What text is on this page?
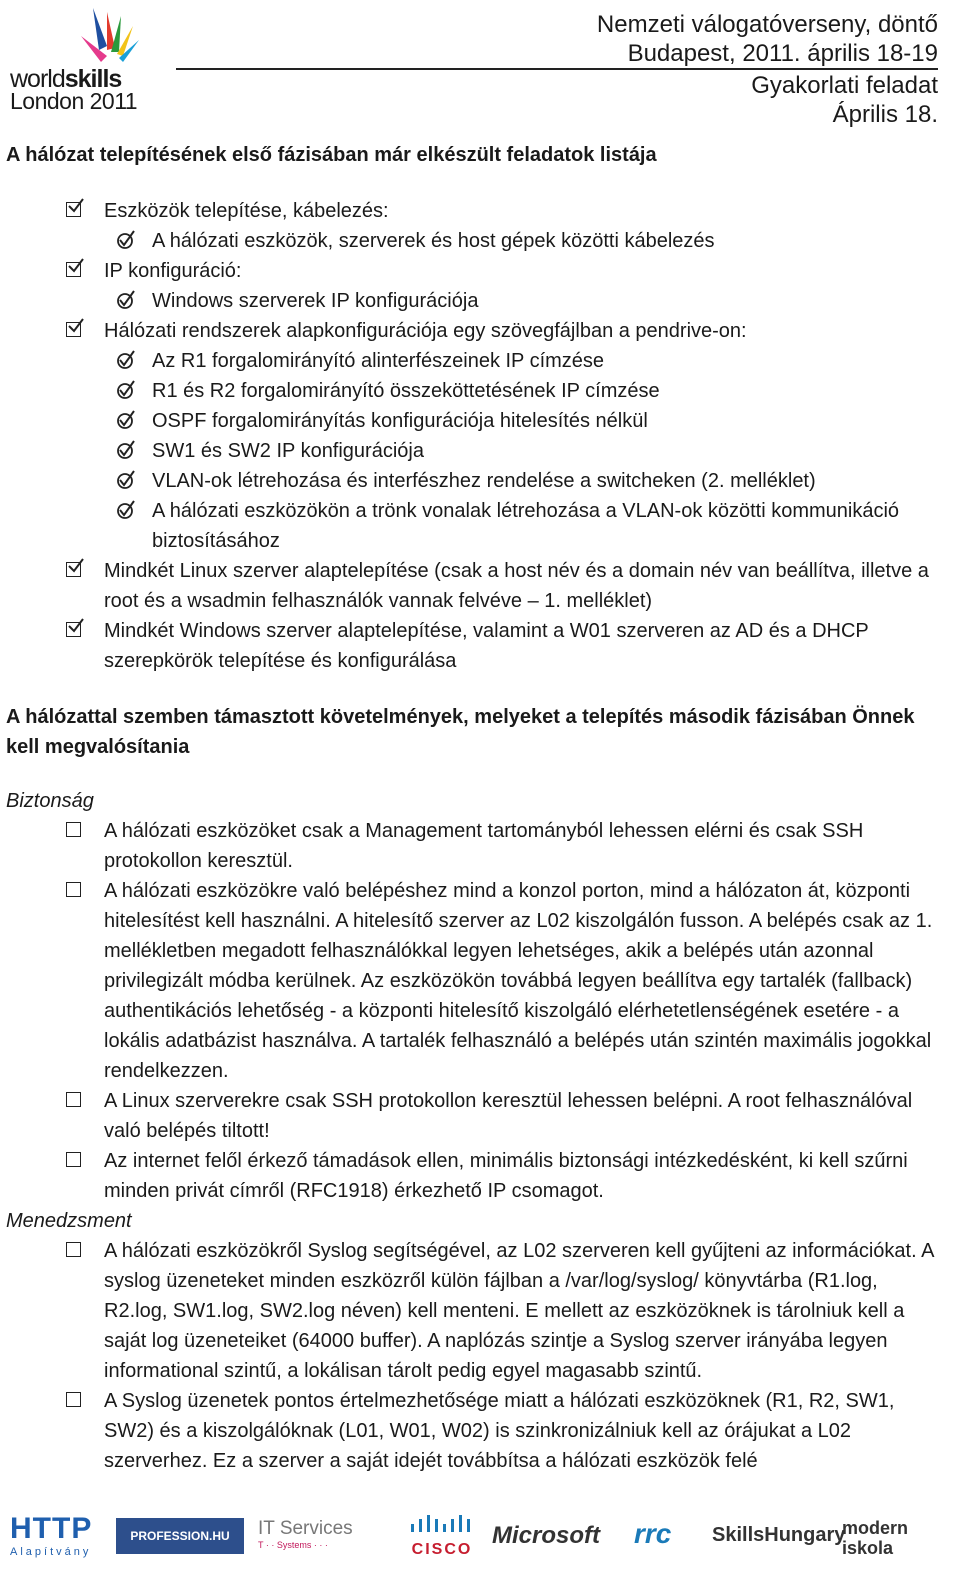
worldskills
London 2011
Nemzeti válogatóverseny, döntő
Budapest, 2011. április 18-19
Gyakorlati feladat
Április 18.
A hálózat telepítésének első fázisában már elkészült feladatok listája
Eszközök telepítése, kábelezés:
A hálózati eszközök, szerverek és host gépek közötti kábelezés
IP konfiguráció:
Windows szerverek IP konfigurációja
Hálózati rendszerek alapkonfigurációja egy szövegfájlban a pendrive-on:
Az R1 forgalomirányító alinterfészeinek IP címzése
R1 és R2 forgalomirányító összeköttetésének IP címzése
OSPF forgalomirányítás konfigurációja hitelesítés nélkül
SW1 és SW2 IP konfigurációja
VLAN-ok létrehozása és interfészhez rendelése a switcheken (2. melléklet)
A hálózati eszközökön a trönk vonalak létrehozása a VLAN-ok közötti kommunikáció biztosításához
Mindkét Linux szerver alaptelepítése (csak a host név és a domain név van beállítva, illetve a root és a wsadmin felhasználók vannak felvéve – 1. melléklet)
Mindkét Windows szerver alaptelepítése, valamint a W01 szerveren az AD és a DHCP szerepkörök telepítése és konfigurálása
A hálózattal szemben támasztott követelmények, melyeket a telepítés második fázisában Önnek kell megvalósítania
Biztonság
A hálózati eszközöket csak a Management tartományból lehessen elérni és csak SSH protokollon keresztül.
A hálózati eszközökre való belépéshez mind a konzol porton, mind a hálózaton át, központi hitelesítést kell használni. A hitelesítő szerver az L02 kiszolgálón fusson. A belépés csak az 1. mellékletben megadott felhasználókkal legyen lehetséges, akik a belépés után azonnal privilegizált módba kerülnek. Az eszközökön továbbá legyen beállítva egy tartalék (fallback) authentikációs lehetőség - a központi hitelesítő kiszolgáló elérhetetlenségének esetére - a lokális adatbázist használva. A tartalék felhasználó a belépés után szintén maximális jogokkal rendelkezzen.
A Linux szerverekre csak SSH protokollon keresztül lehessen belépni. A root felhasználóval való belépés tiltott!
Az internet felől érkező támadások ellen, minimális biztonsági intézkedésként, ki kell szűrni minden privát címről (RFC1918) érkezhető IP csomagot.
Menedzsment
A hálózati eszközökről Syslog segítségével, az L02 szerveren kell gyűjteni az információkat. A syslog üzeneteket minden eszközről külön fájlban a /var/log/syslog/ könyvtárba (R1.log, R2.log, SW1.log, SW2.log néven) kell menteni. E mellett az eszközöknek is tárolniuk kell a saját log üzeneteiket (64000 buffer). A naplózás szintje a Syslog szerver irányába legyen informational szintű, a lokálisan tárolt pedig egyel magasabb szintű.
A Syslog üzenetek pontos értelmezhetősége miatt a hálózati eszközöknek (R1, R2, SW1, SW2) és a kiszolgálóknak (L01, W01, W02) is szinkronizálniuk kell az órájukat a L02 szerverhez. Ez a szerver a saját idejét továbbítsa a hálózati eszközök felé
HTTP
Alapítvány
PROFESSION.HU	IT Services
T · · Systems · · ·	CISCO
Microsoft rrc SkillsHungary
modern
iskola
